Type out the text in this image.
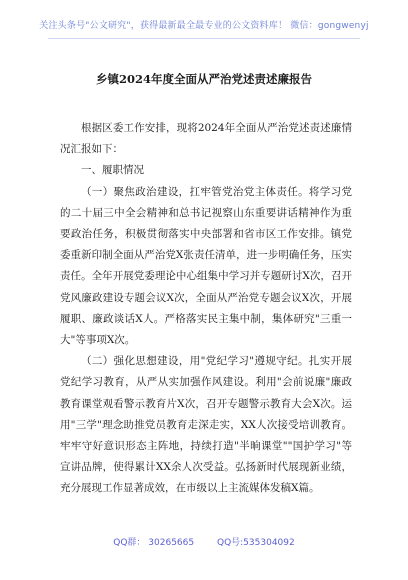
关注头条号"公文研究"，获得最新最全最专业的公文资料库！ 微信：gongwenyj
乡镇2024年度全面从严治党述责述廉报告

根据区委工作安排，现将2024年全面从严治党述责述廉情况汇报如下：

一、履职情况

（一）聚焦政治建设，扛牢管党治党主体责任。将学习党的二十届三中全会精神和总书记视察山东重要讲话精神作为重要政治任务，积极贯彻落实中央部署和省市区工作安排。镇党委重新印制全面从严治党X张责任清单，进一步明确任务，压实责任。全年开展党委理论中心组集中学习并专题研讨X次，召开党风廉政建设专题会议X次，全面从严治党专题会议X次，开展履职、廉政谈话X人。严格落实民主集中制，集体研究"三重一大"等事项X次。

（二）强化思想建设，用"党纪学习"遵规守纪。扎实开展党纪学习教育，从严从实加强作风建设。利用"会前说廉"廉政教育课堂观看警示教育片X次，召开专题警示教育大会X次。运用"三学"理念助推党员教育走深走实，XX人次接受培训教育。牢牢守好意识形态主阵地，持续打造"半晌课堂""国护学习"等宣讲品牌，使得累计XX余人次受益。弘扬新时代展现新业绩，充分展现工作显著成效，在市级以上主流媒体发稿X篇。

QQ群： 30265665	QQ号:535304092
